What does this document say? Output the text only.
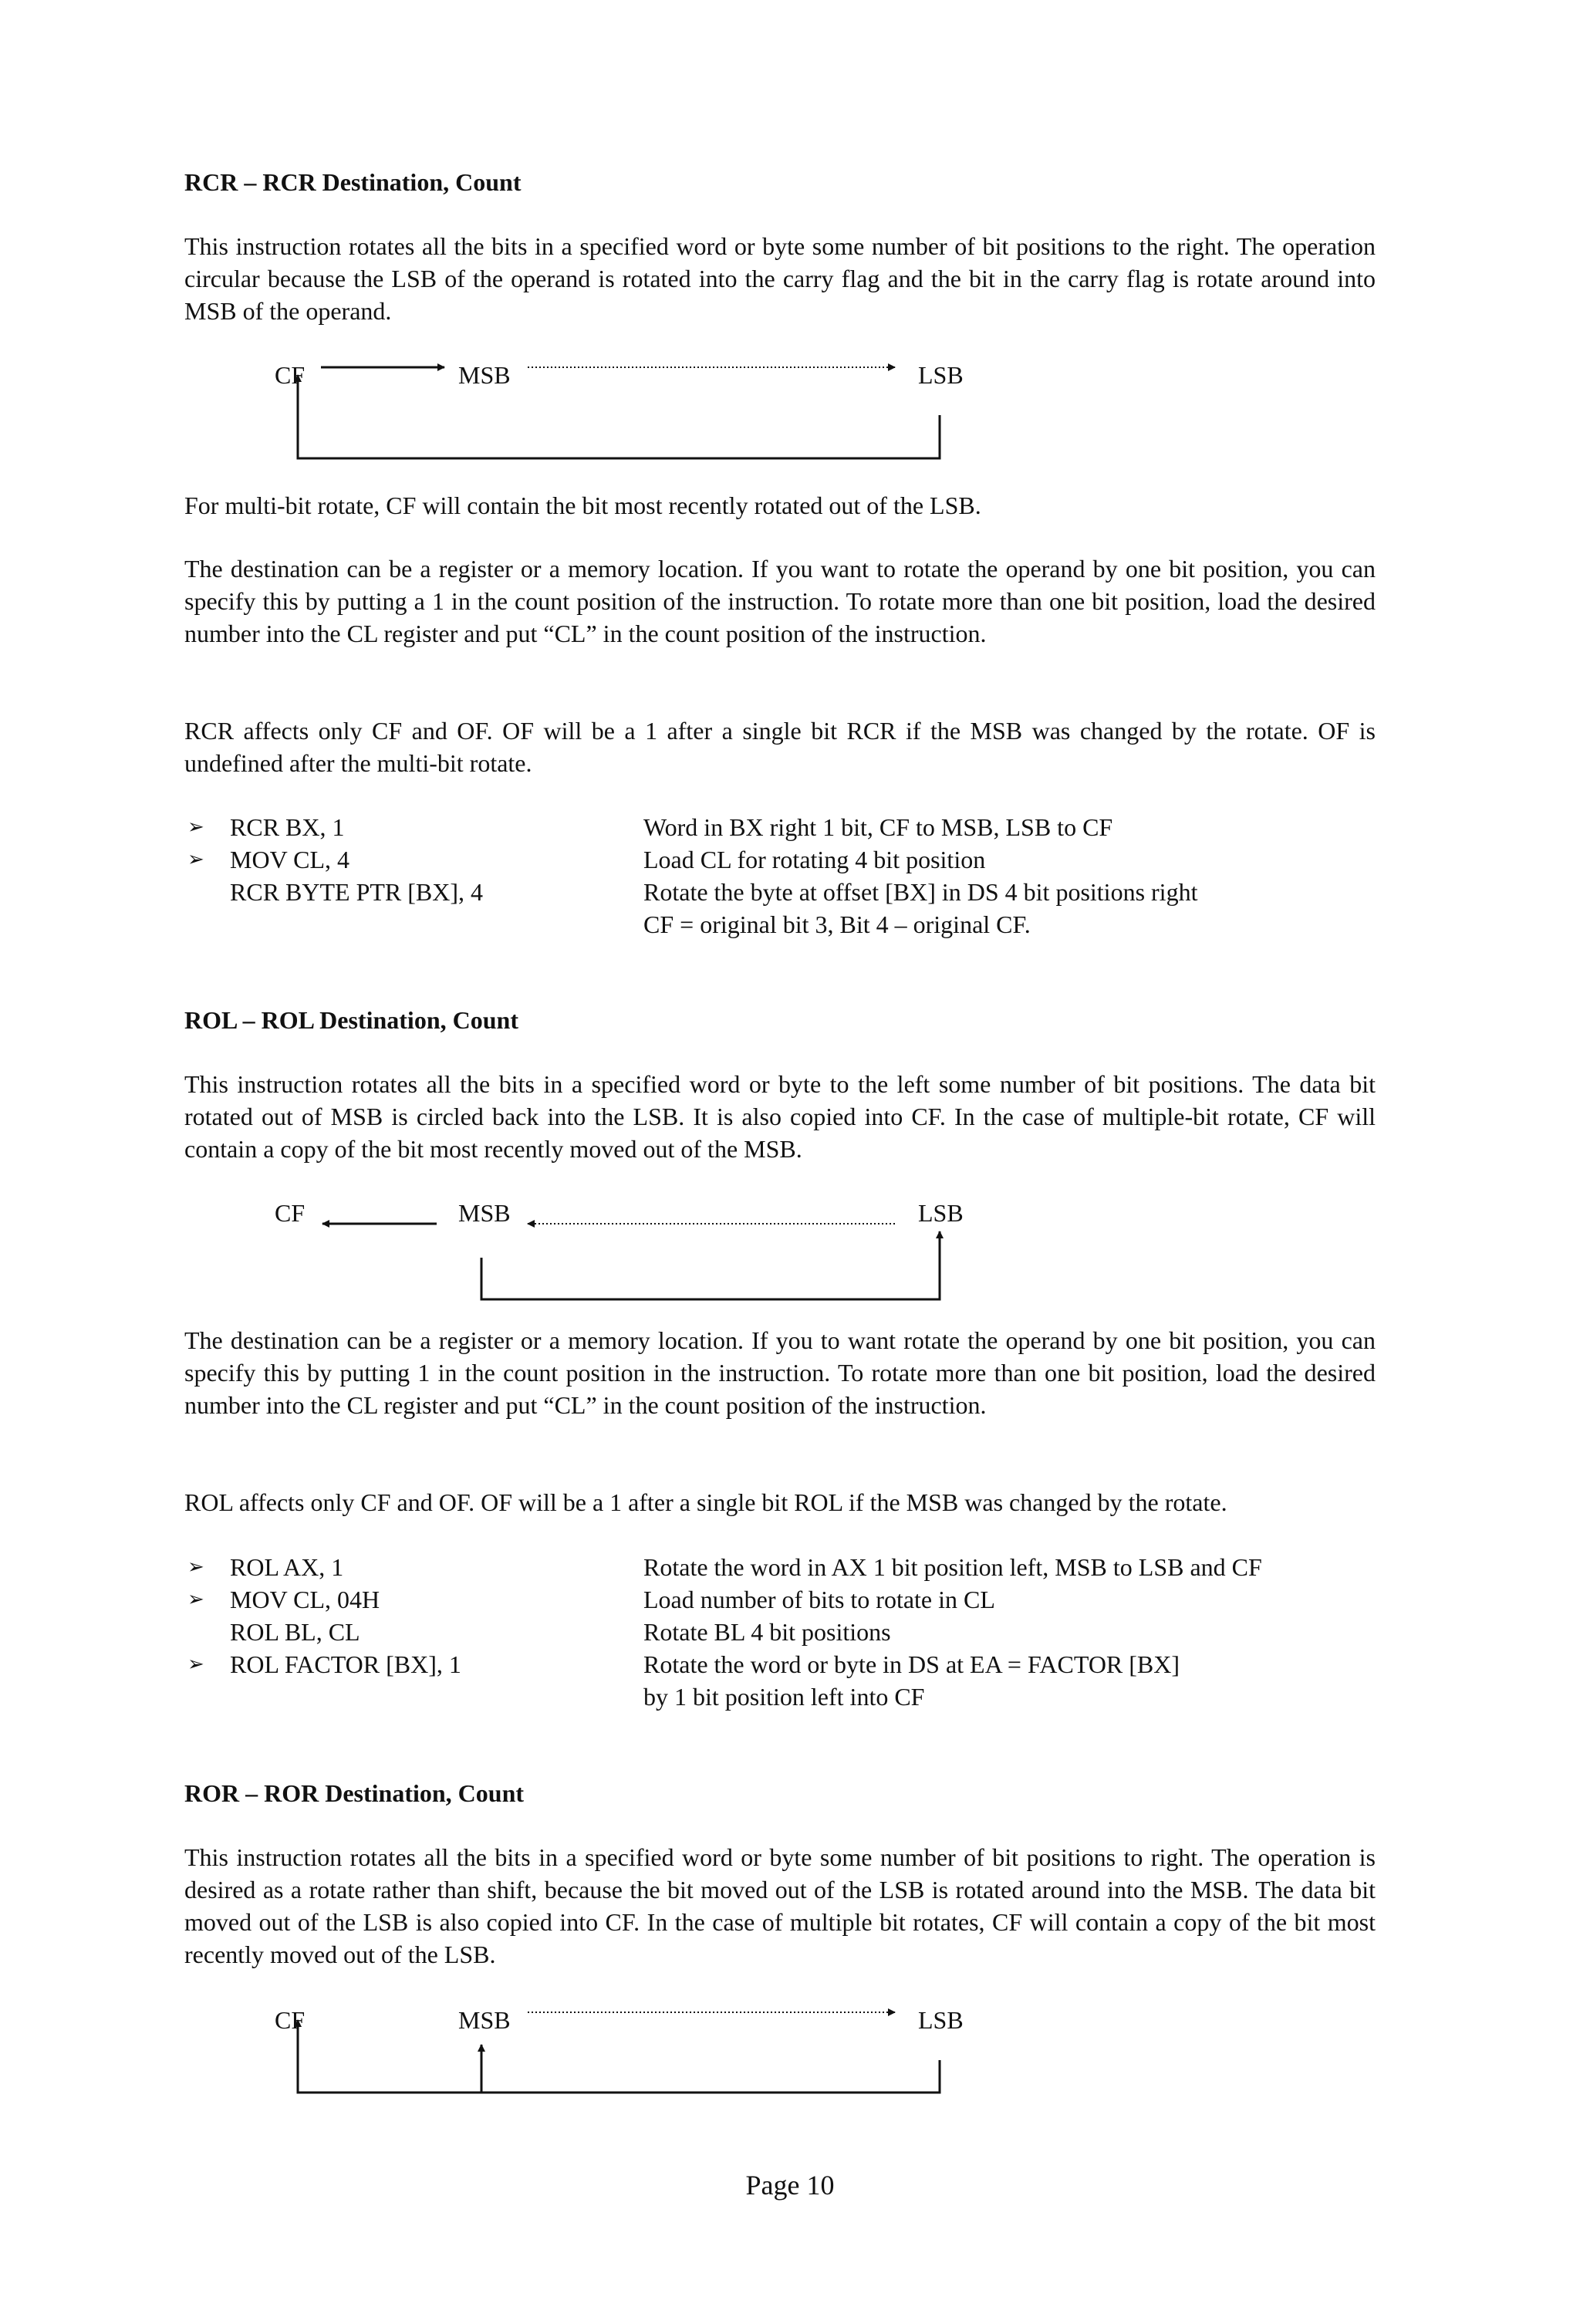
RCR – RCR Destination, Count

This instruction rotates all the bits in a specified word or byte some number of bit positions to the right. The operation circular because the LSB of the operand is rotated into the carry flag and the bit in the carry flag is rotate around into MSB of the operand.

CF	MSB	LSB

For multi-bit rotate, CF will contain the bit most recently rotated out of the LSB.

The destination can be a register or a memory location. If you want to rotate the operand by one bit position, you can specify this by putting a 1 in the count position of the instruction. To rotate more than one bit position, load the desired number into the CL register and put “CL” in the count position of the instruction.

RCR affects only CF and OF. OF will be a 1 after a single bit RCR if the MSB was changed by the rotate. OF is undefined after the multi-bit rotate.

➢ RCR BX, 1	Word in BX right 1 bit, CF to MSB, LSB to CF
➢ MOV CL, 4	Load CL for rotating 4 bit position
RCR BYTE PTR [BX], 4	Rotate the byte at offset [BX] in DS 4 bit positions right
CF = original bit 3, Bit 4 – original CF.
ROL – ROL Destination, Count

This instruction rotates all the bits in a specified word or byte to the left some number of bit positions. The data bit rotated out of MSB is circled back into the LSB. It is also copied into CF. In the case of multiple-bit rotate, CF will contain a copy of the bit most recently moved out of the MSB.

CF	MSB	LSB

The destination can be a register or a memory location. If you to want rotate the operand by one bit position, you can specify this by putting 1 in the count position in the instruction. To rotate more than one bit position, load the desired number into the CL register and put “CL” in the count position of the instruction.

ROL affects only CF and OF. OF will be a 1 after a single bit ROL if the MSB was changed by the rotate.

➢ ROL AX, 1	Rotate the word in AX 1 bit position left, MSB to LSB and CF
➢ MOV CL, 04H	Load number of bits to rotate in CL
ROL BL, CL	Rotate BL 4 bit positions
➢ ROL FACTOR [BX], 1	Rotate the word or byte in DS at EA = FACTOR [BX]
by 1 bit position left into CF
ROR – ROR Destination, Count

This instruction rotates all the bits in a specified word or byte some number of bit positions to right. The operation is desired as a rotate rather than shift, because the bit moved out of the LSB is rotated around into the MSB. The data bit moved out of the LSB is also copied into CF. In the case of multiple bit rotates, CF will contain a copy of the bit most recently moved out of the LSB.

CF	MSB	LSB
Page 10
